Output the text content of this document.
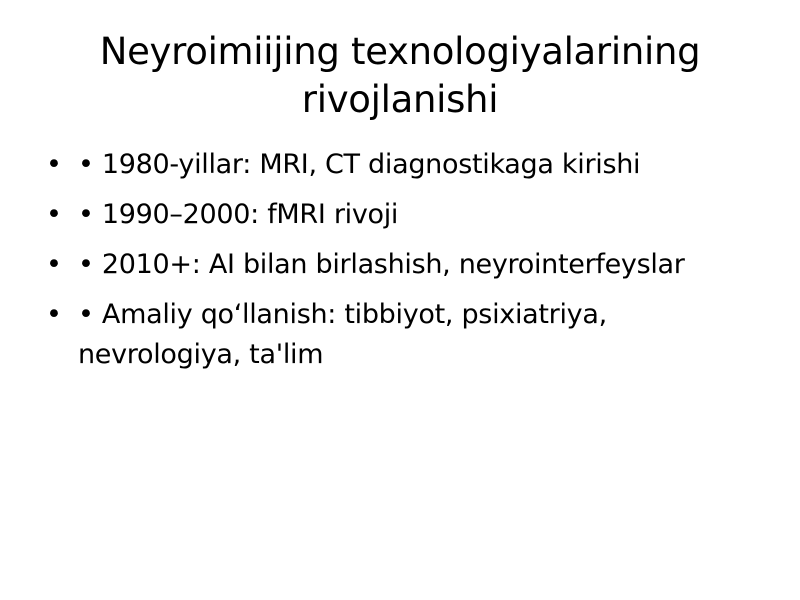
Neyroimiijing texnologiyalarining rivojlanishi
• • 1980-yillar: MRI, CT diagnostikaga kirishi
• • 1990–2000: fMRI rivoji
• • 2010+: AI bilan birlashish, neyrointerfeyslar
• • Amaliy qo‘llanish: tibbiyot, psixiatriya, nevrologiya, ta'lim
